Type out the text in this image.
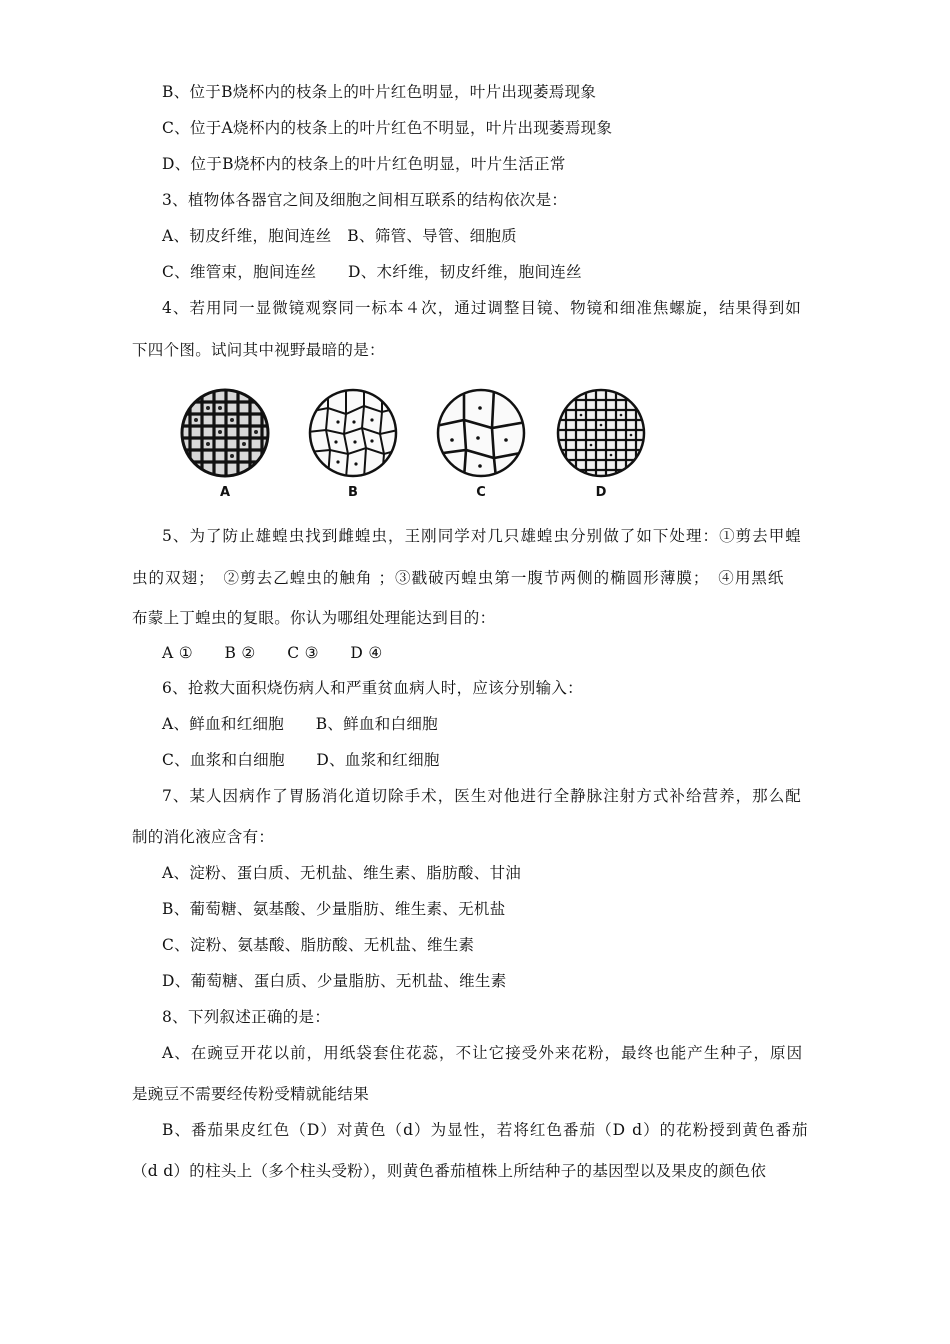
B、位于B烧杯内的枝条上的叶片红色明显，叶片出现萎焉现象
C、位于A烧杯内的枝条上的叶片红色不明显，叶片出现萎焉现象
D、位于B烧杯内的枝条上的叶片红色明显，叶片生活正常
3、植物体各器官之间及细胞之间相互联系的结构依次是：
A、韧皮纤维，胞间连丝　B、筛管、导管、细胞质
C、维管束，胞间连丝　　D、木纤维，韧皮纤维，胞间连丝
4、若用同一显微镜观察同一标本４次，通过调整目镜、物镜和细准焦螺旋，结果得到如
下四个图。试问其中视野最暗的是：
A	B	C	D
5、为了防止雄蝗虫找到雌蝗虫，王刚同学对几只雄蝗虫分别做了如下处理：①剪去甲蝗
虫的双翅；　②剪去乙蝗虫的触角 ；③戳破丙蝗虫第一腹节两侧的椭圆形薄膜；　④用黑纸
布蒙上丁蝗虫的复眼。你认为哪组处理能达到目的：
A ①　　B ②　　C ③　　D ④
6、抢救大面积烧伤病人和严重贫血病人时，应该分别输入：
A、鲜血和红细胞　　B、鲜血和白细胞
C、血浆和白细胞　　D、血浆和红细胞
7、某人因病作了胃肠消化道切除手术，医生对他进行全静脉注射方式补给营养，那么配
制的消化液应含有：
A、淀粉、蛋白质、无机盐、维生素、脂肪酸、甘油
B、葡萄糖、氨基酸、少量脂肪、维生素、无机盐
C、淀粉、氨基酸、脂肪酸、无机盐、维生素
D、葡萄糖、蛋白质、少量脂肪、无机盐、维生素
8、下列叙述正确的是：
A、在豌豆开花以前，用纸袋套住花蕊，不让它接受外来花粉，最终也能产生种子，原因
是豌豆不需要经传粉受精就能结果
B、番茄果皮红色（D）对黄色（d）为显性，若将红色番茄（D d）的花粉授到黄色番茄
（d d）的柱头上（多个柱头受粉），则黄色番茄植株上所结种子的基因型以及果皮的颜色依
